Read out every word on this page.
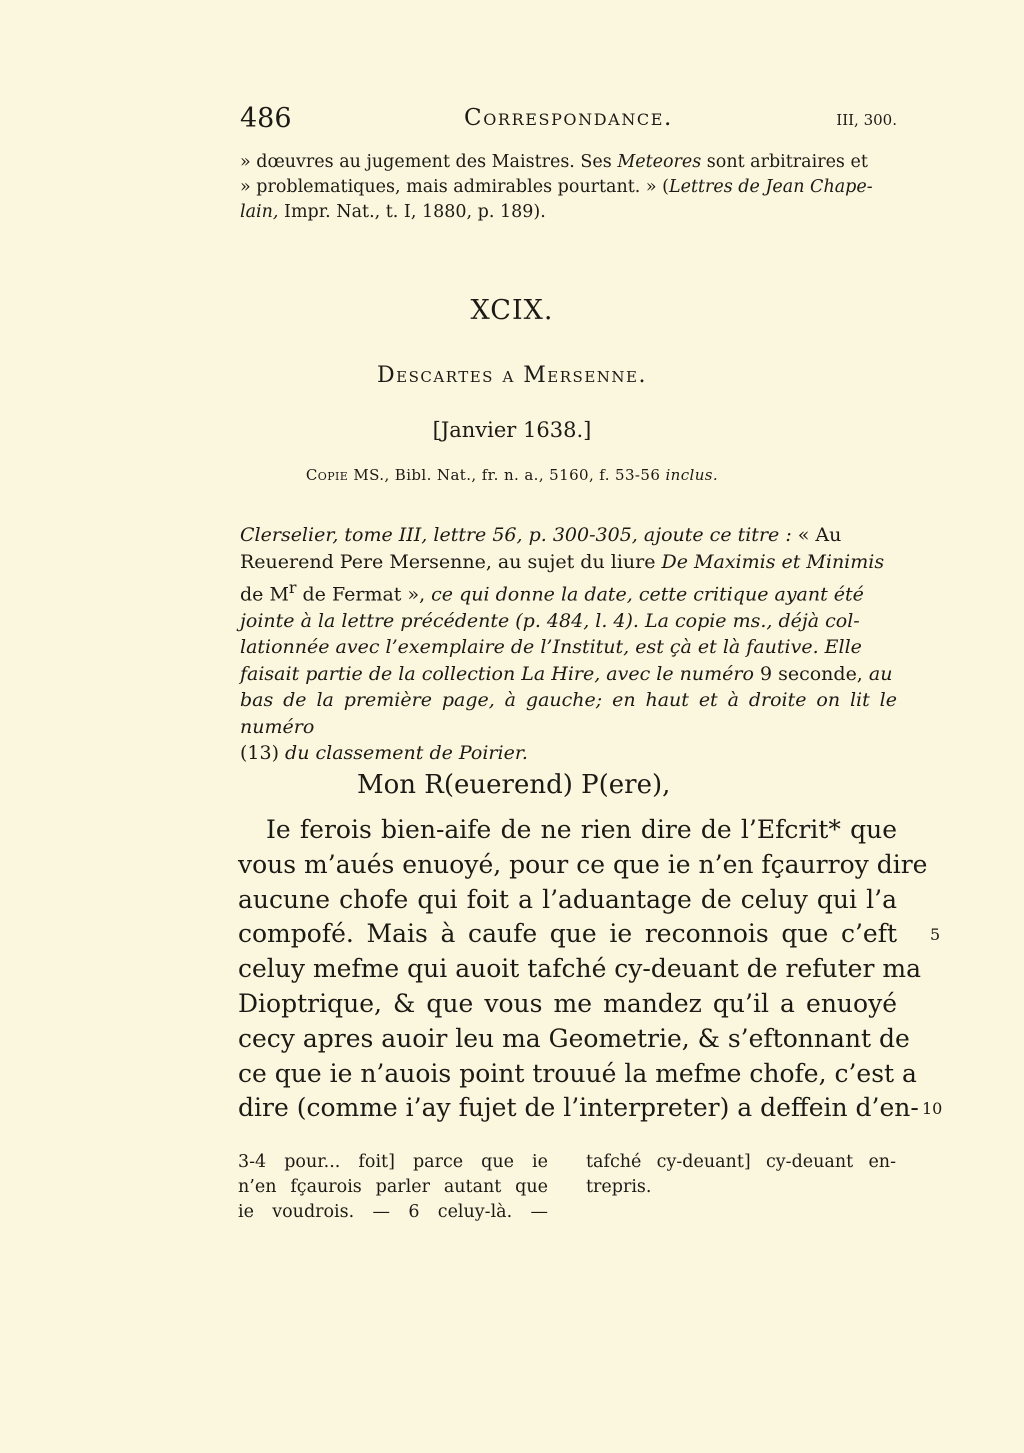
486	Correspondance.	III, 300.
» dœuvres au jugement des Maistres. Ses Meteores sont arbitraires et
» problematiques, mais admirables pourtant. » (Lettres de Jean Chape-
lain, Impr. Nat., t. I, 1880, p. 189).
XCIX.
Descartes a Mersenne.
[Janvier 1638.]
Copie MS., Bibl. Nat., fr. n. a., 5160, f. 53-56 inclus.
Clerselier, tome III, lettre 56, p. 300-305, ajoute ce titre : « Au
Reuerend Pere Mersenne, au sujet du liure De Maximis et Minimis
de $M^r$ de Fermat », ce qui donne la date, cette critique ayant été
jointe à la lettre précédente (p. 484, l. 4). La copie ms., déjà col-
lationnée avec l’exemplaire de l’Institut, est çà et là fautive. Elle
faisait partie de la collection La Hire, avec le numéro 9 seconde, au
bas de la première page, à gauche; en haut et à droite on lit le numéro
(13) du classement de Poirier.
Mon R(euerend) P(ere),
Ie ferois bien-aife de ne rien dire de l’Efcrit* que
vous m’aués enuoyé, pour ce que ie n’en fçaurroy dire
aucune chofe qui foit a l’aduantage de celuy qui l’a
compofé. Mais à caufe que ie reconnois que c’eft
celuy mefme qui auoit tafché cy-deuant de refuter ma
Dioptrique, & que vous me mandez qu’il a enuoyé
cecy apres auoir leu ma Geometrie, & s’eftonnant de
ce que ie n’auois point trouué la mefme chofe, c’est a
dire (comme i’ay fujet de l’interpreter) a deffein d’en-
5
10
3-4 pour... foit] parce que ie
n’en fçaurois parler autant que
ie voudrois. — 6 celuy-là. —
tafché cy-deuant] cy-deuant en-
trepris.
